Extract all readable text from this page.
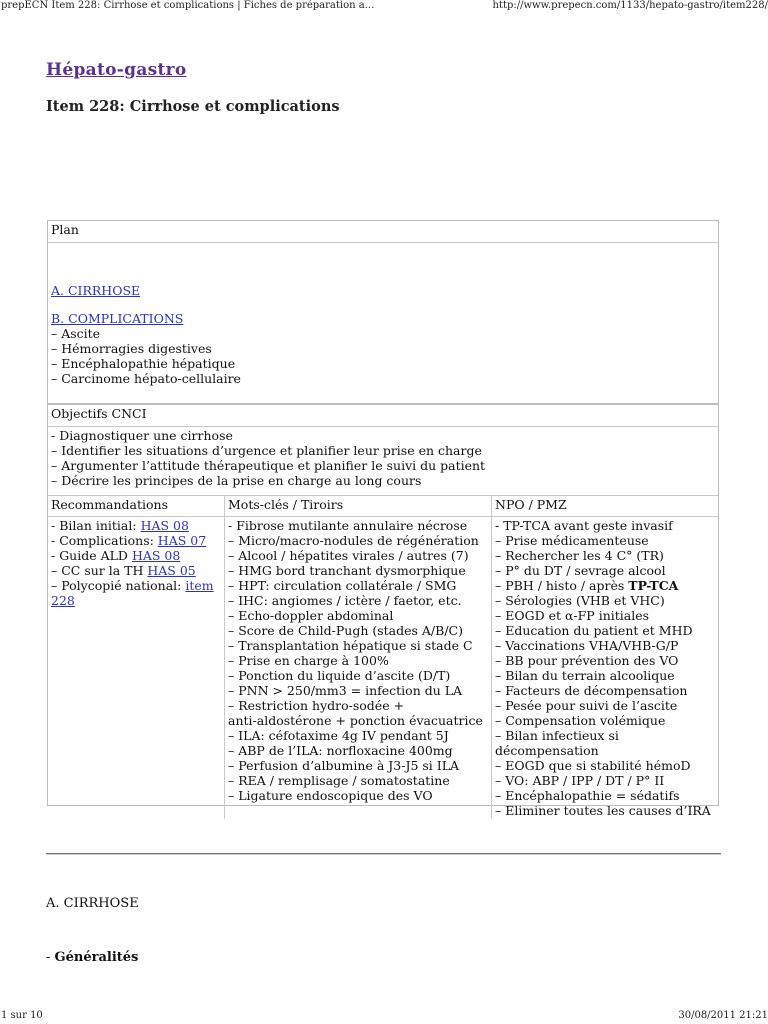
prepECN Item 228: Cirrhose et complications | Fiches de préparation a...	http://www.prepecn.com/1133/hepato-gastro/item228/
Hépato-gastro
Item 228: Cirrhose et complications
Plan
A. CIRRHOSE
B. COMPLICATIONS
– Ascite
– Hémorragies digestives
– Encéphalopathie hépatique
– Carcinome hépato-cellulaire
Objectifs CNCI
- Diagnostiquer une cirrhose
– Identifier les situations d’urgence et planifier leur prise en charge
– Argumenter l’attitude thérapeutique et planifier le suivi du patient
– Décrire les principes de la prise en charge au long cours
Recommandations
- Bilan initial: HAS 08
- Complications: HAS 07
- Guide ALD HAS 08
– CC sur la TH HAS 05
– Polycopié national: item 228
Mots-clés / Tiroirs
- Fibrose mutilante annulaire nécrose
– Micro/macro-nodules de régénération
– Alcool / hépatites virales / autres (7)
– HMG bord tranchant dysmorphique
– HPT: circulation collatérale / SMG
– IHC: angiomes / ictère / faetor, etc.
– Echo-doppler abdominal
– Score de Child-Pugh (stades A/B/C)
– Transplantation hépatique si stade C
– Prise en charge à 100%
– Ponction du liquide d’ascite (D/T)
– PNN > 250/mm3 = infection du LA
– Restriction hydro-sodée +
anti-aldostérone + ponction évacuatrice
– ILA: céfotaxime 4g IV pendant 5J
– ABP de l’ILA: norfloxacine 400mg
– Perfusion d’albumine à J3-J5 si ILA
– REA / remplisage / somatostatine
– Ligature endoscopique des VO
NPO / PMZ
- TP-TCA avant geste invasif
– Prise médicamenteuse
– Rechercher les 4 C° (TR)
– P° du DT / sevrage alcool
– PBH / histo / après TP-TCA
– Sérologies (VHB et VHC)
– EOGD et α-FP initiales
– Education du patient et MHD
– Vaccinations VHA/VHB-G/P
– BB pour prévention des VO
– Bilan du terrain alcoolique
– Facteurs de décompensation
– Pesée pour suivi de l’ascite
– Compensation volémique
– Bilan infectieux si décompensation
– EOGD que si stabilité hémoD
– VO: ABP / IPP / DT / P° II
– Encéphalopathie = sédatifs
– Eliminer toutes les causes d’IRA
A. CIRRHOSE
- Généralités
1 sur 10	30/08/2011 21:21
